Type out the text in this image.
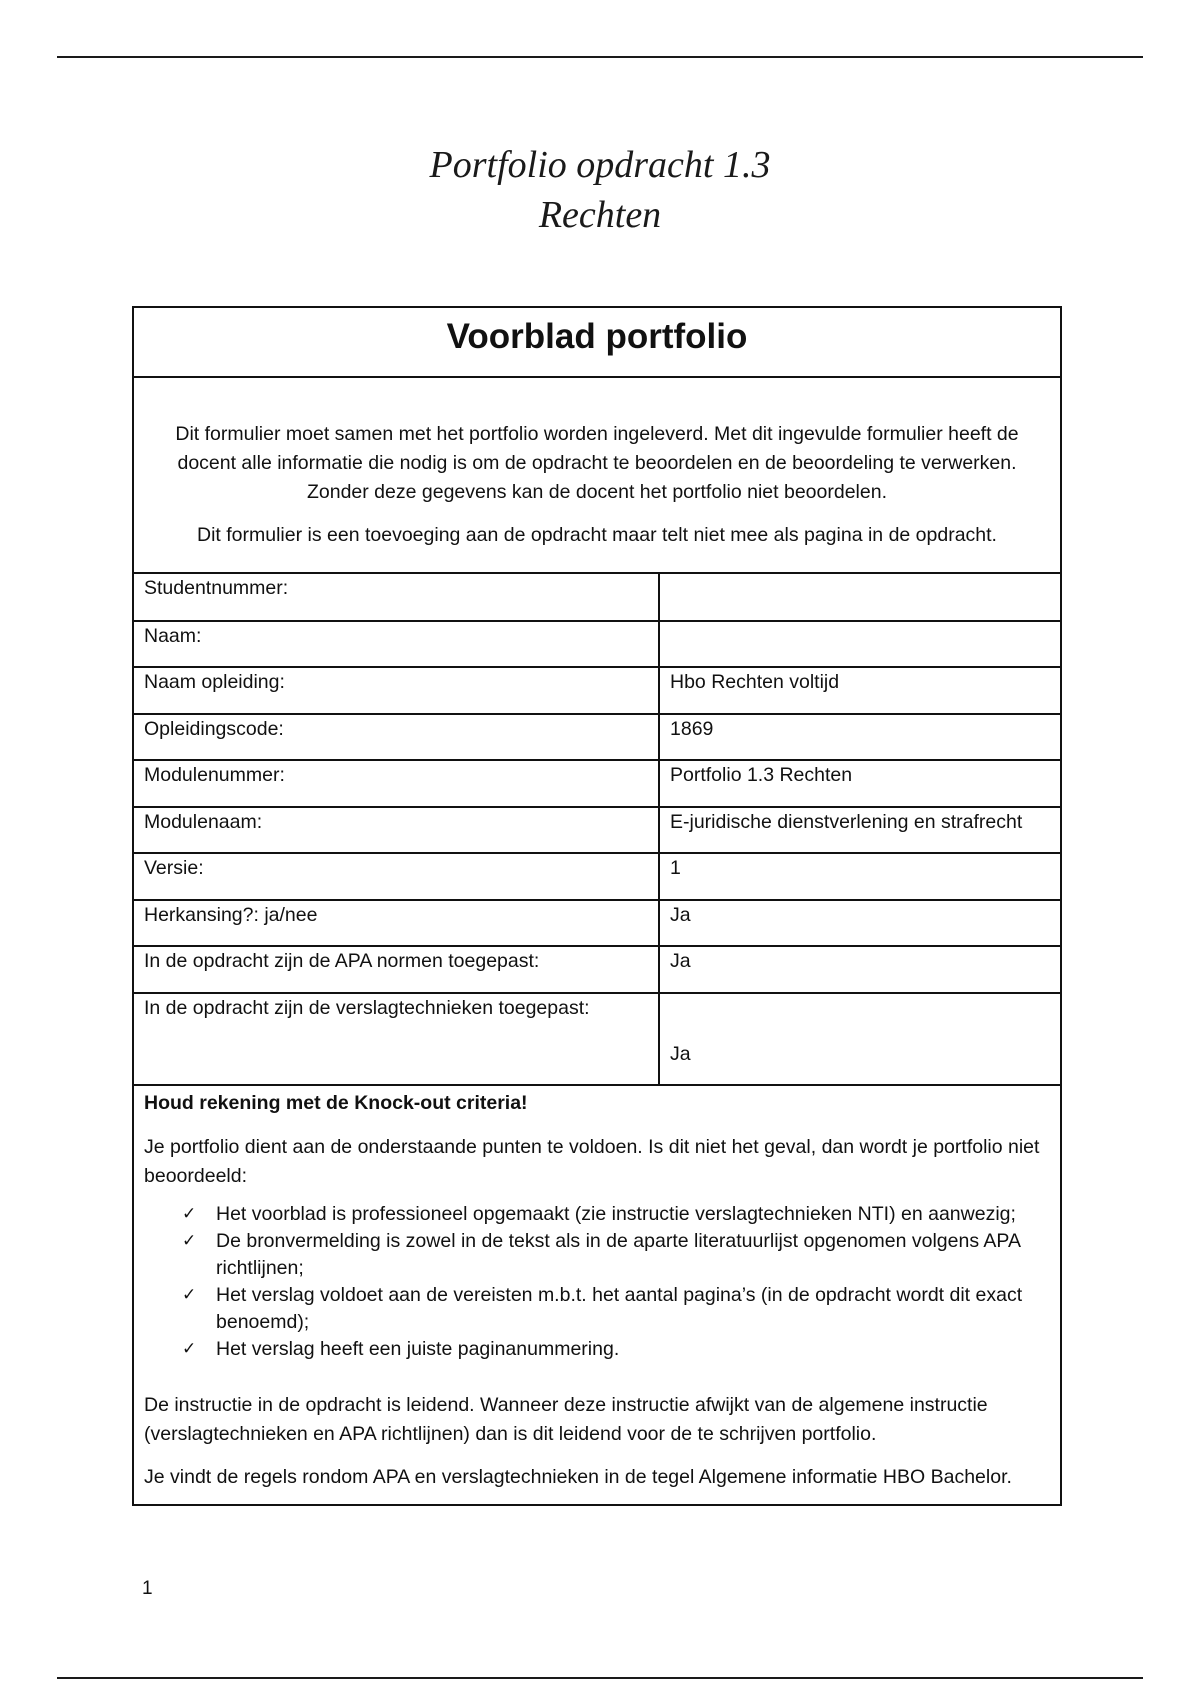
Portfolio opdracht 1.3
Rechten
Voorblad portfolio

Dit formulier moet samen met het portfolio worden ingeleverd. Met dit ingevulde formulier heeft de docent alle informatie die nodig is om de opdracht te beoordelen en de beoordeling te verwerken. Zonder deze gegevens kan de docent het portfolio niet beoordelen.

Dit formulier is een toevoeging aan de opdracht maar telt niet mee als pagina in de opdracht.

Studentnummer:	
Naam:	
Naam opleiding:	Hbo Rechten voltijd
Opleidingscode:	1869
Modulenummer:	Portfolio 1.3 Rechten
Modulenaam:	E-juridische dienstverlening en strafrecht
Versie:	1
Herkansing?: ja/nee	Ja
In de opdracht zijn de APA normen toegepast:	Ja
In de opdracht zijn de verslagtechnieken toegepast:	Ja

Houd rekening met de Knock-out criteria!

Je portfolio dient aan de onderstaande punten te voldoen. Is dit niet het geval, dan wordt je portfolio niet beoordeeld:

✓ Het voorblad is professioneel opgemaakt (zie instructie verslagtechnieken NTI) en aanwezig;
✓ De bronvermelding is zowel in de tekst als in de aparte literatuurlijst opgenomen volgens APA richtlijnen;
✓ Het verslag voldoet aan de vereisten m.b.t. het aantal pagina’s (in de opdracht wordt dit exact benoemd);
✓ Het verslag heeft een juiste paginanummering.

De instructie in de opdracht is leidend. Wanneer deze instructie afwijkt van de algemene instructie (verslagtechnieken en APA richtlijnen) dan is dit leidend voor de te schrijven portfolio.

Je vindt de regels rondom APA en verslagtechnieken in de tegel Algemene informatie HBO Bachelor.

1
